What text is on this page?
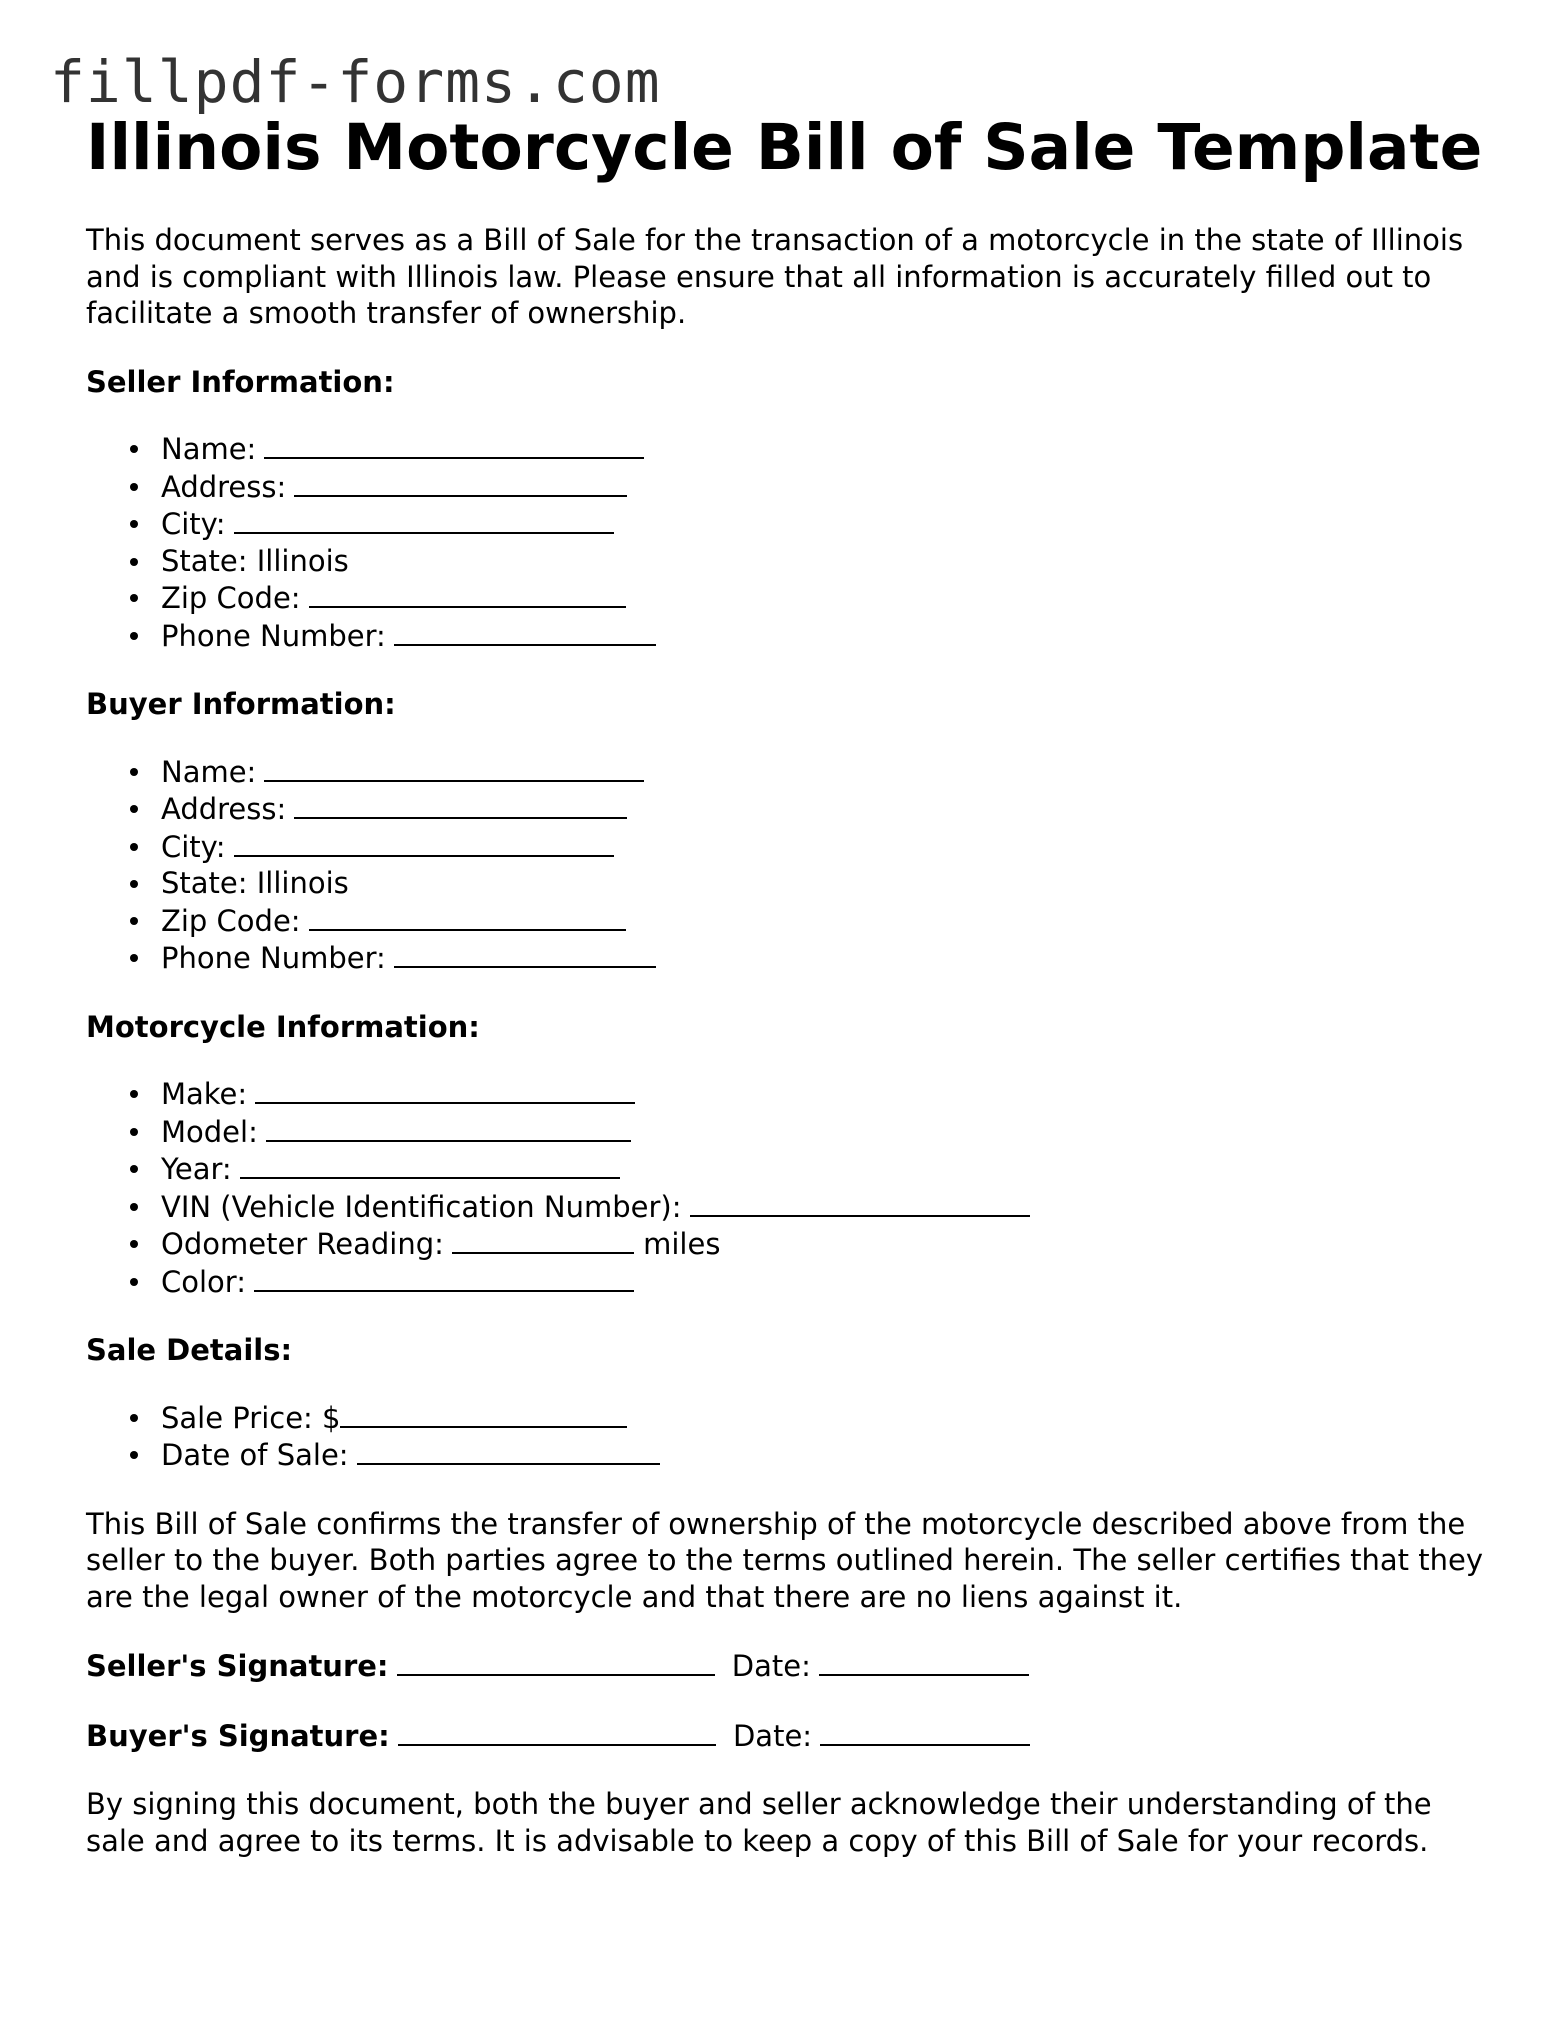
fillpdf-forms.com
Illinois Motorcycle Bill of Sale Template

This document serves as a Bill of Sale for the transaction of a motorcycle in the state of Illinois and is compliant with Illinois law. Please ensure that all information is accurately filled out to facilitate a smooth transfer of ownership.

Seller Information:
Name:
Address:
City:
State: Illinois
Zip Code:
Phone Number:
Buyer Information:
Name:
Address:
City:
State: Illinois
Zip Code:
Phone Number:
Motorcycle Information:
Make:
Model:
Year:
VIN (Vehicle Identification Number):
Odometer Reading:	miles
Color:
Sale Details:
Sale Price: $
Date of Sale:

This Bill of Sale confirms the transfer of ownership of the motorcycle described above from the seller to the buyer. Both parties agree to the terms outlined herein. The seller certifies that they are the legal owner of the motorcycle and that there are no liens against it.

Seller's Signature:	Date:
Buyer's Signature:	Date:

By signing this document, both the buyer and seller acknowledge their understanding of the sale and agree to its terms. It is advisable to keep a copy of this Bill of Sale for your records.
